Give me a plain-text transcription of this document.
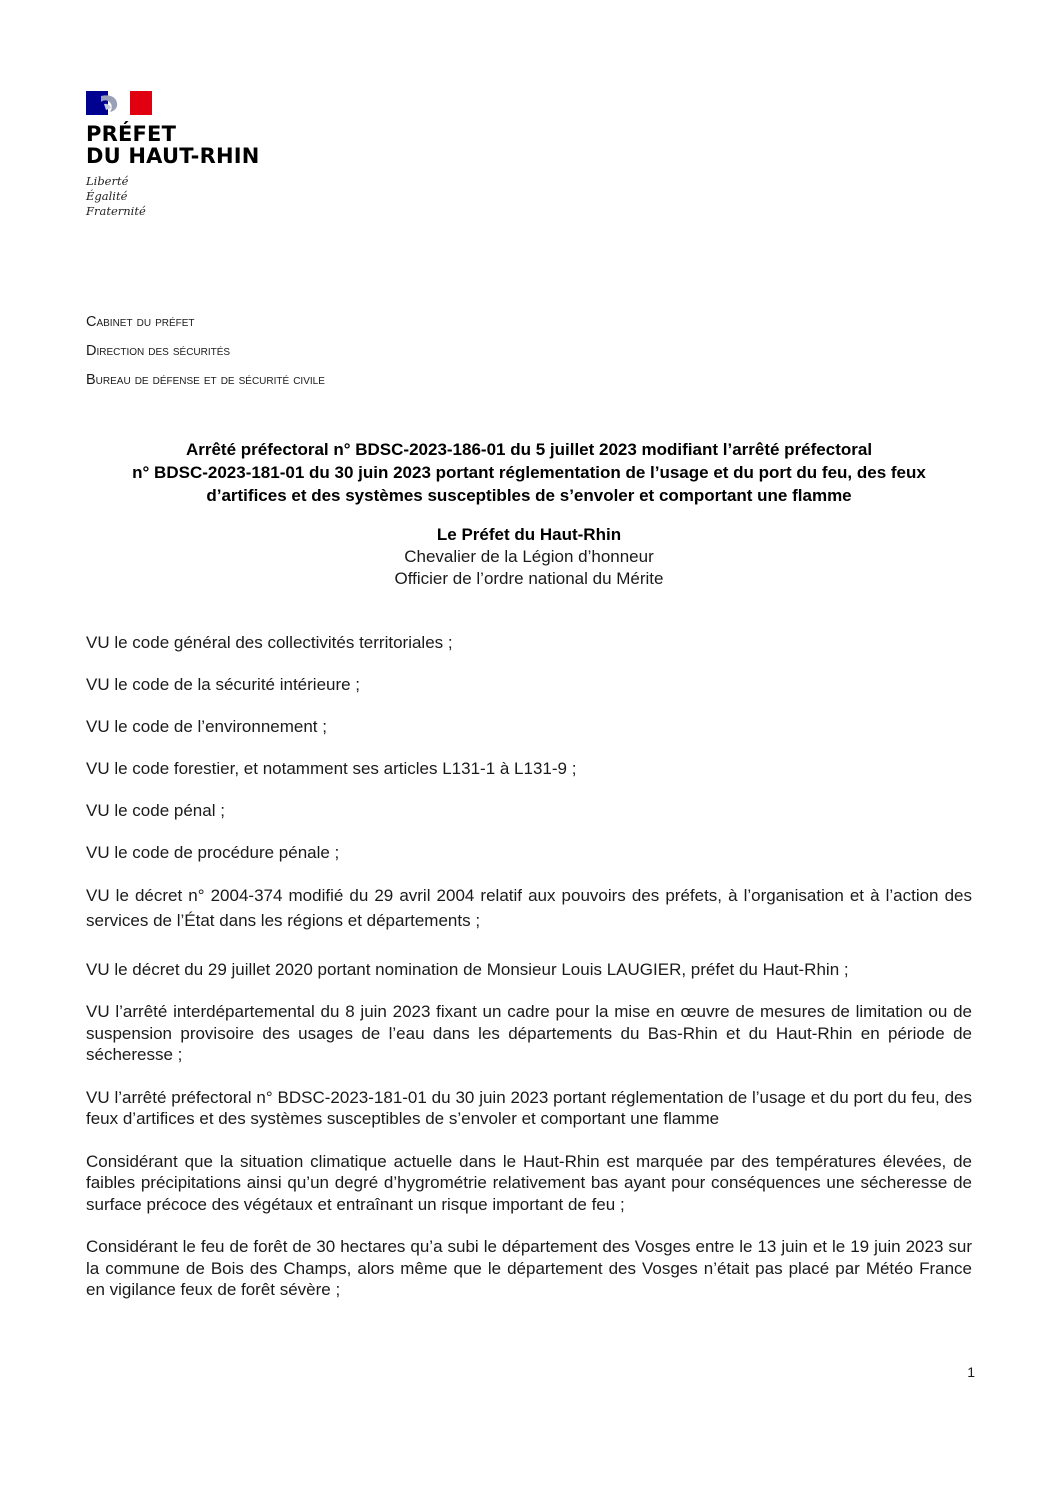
PRÉFET
DU HAUT-RHIN
Liberté
Égalité
Fraternité
Cabinet du préfet
Direction des sécurités
Bureau de défense et de sécurité civile
Arrêté préfectoral n° BDSC-2023-186-01 du 5 juillet 2023 modifiant l’arrêté préfectoral
n° BDSC-2023-181-01 du 30 juin 2023 portant réglementation de l’usage et du port du feu, des feux
d’artifices et des systèmes susceptibles de s’envoler et comportant une flamme
Le Préfet du Haut-Rhin
Chevalier de la Légion d’honneur
Officier de l’ordre national du Mérite

VU le code général des collectivités territoriales ;

VU le code de la sécurité intérieure ;

VU le code de l’environnement ;

VU le code forestier, et notamment ses articles L131-1 à L131-9 ;

VU le code pénal ;

VU le code de procédure pénale ;

VU le décret n° 2004-374 modifié du 29 avril 2004 relatif aux pouvoirs des préfets, à l’organisation et à l’action des services de l’État dans les régions et départements ;

VU le décret du 29 juillet 2020 portant nomination de Monsieur Louis LAUGIER, préfet du Haut-Rhin ;

VU l’arrêté interdépartemental du 8 juin 2023 fixant un cadre pour la mise en œuvre de mesures de limitation ou de suspension provisoire des usages de l’eau dans les départements du Bas-Rhin et du Haut-Rhin en période de sécheresse ;

VU l’arrêté préfectoral n° BDSC-2023-181-01 du 30 juin 2023 portant réglementation de l’usage et du port du feu, des feux d’artifices et des systèmes susceptibles de s’envoler et comportant une flamme

Considérant que la situation climatique actuelle dans le Haut-Rhin est marquée par des températures élevées, de faibles précipitations ainsi qu’un degré d’hygrométrie relativement bas ayant pour conséquences une sécheresse de surface précoce des végétaux et entraînant un risque important de feu ;

Considérant le feu de forêt de 30 hectares qu’a subi le département des Vosges entre le 13 juin et le 19 juin 2023 sur la commune de Bois des Champs, alors même que le département des Vosges n’était pas placé par Météo France en vigilance feux de forêt sévère ;

1
